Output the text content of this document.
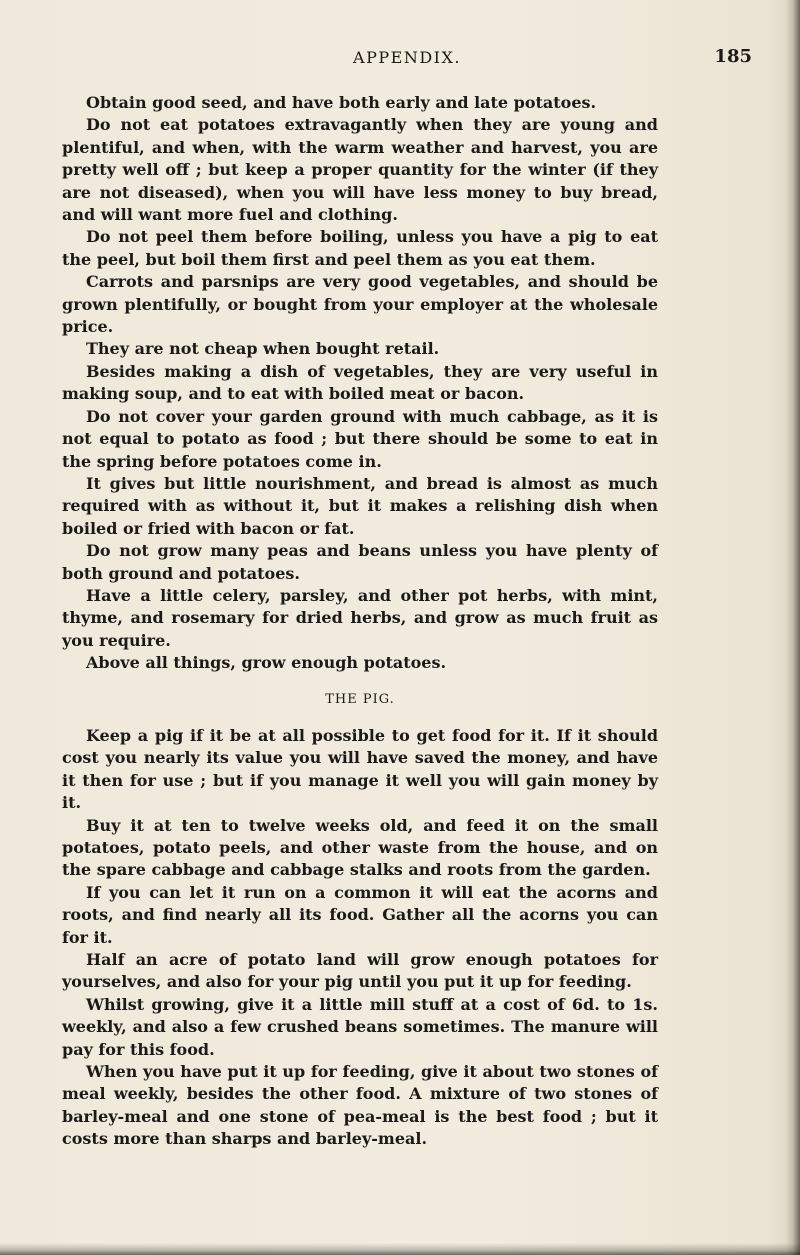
APPENDIX.	185

Obtain good seed, and have both early and late potatoes.

Do not eat potatoes extravagantly when they are young and plentiful, and when, with the warm weather and harvest, you are pretty well off ; but keep a proper quantity for the winter (if they are not diseased), when you will have less money to buy bread, and will want more fuel and clothing.

Do not peel them before boiling, unless you have a pig to eat the peel, but boil them first and peel them as you eat them.

Carrots and parsnips are very good vegetables, and should be grown plentifully, or bought from your employer at the wholesale price.

They are not cheap when bought retail.

Besides making a dish of vegetables, they are very useful in making soup, and to eat with boiled meat or bacon.

Do not cover your garden ground with much cabbage, as it is not equal to potato as food ; but there should be some to eat in the spring before potatoes come in.

It gives but little nourishment, and bread is almost as much required with as without it, but it makes a relishing dish when boiled or fried with bacon or fat.

Do not grow many peas and beans unless you have plenty of both ground and potatoes.

Have a little celery, parsley, and other pot herbs, with mint, thyme, and rosemary for dried herbs, and grow as much fruit as you require.

Above all things, grow enough potatoes.

THE PIG.

Keep a pig if it be at all possible to get food for it. If it should cost you nearly its value you will have saved the money, and have it then for use ; but if you manage it well you will gain money by it.

Buy it at ten to twelve weeks old, and feed it on the small potatoes, potato peels, and other waste from the house, and on the spare cabbage and cabbage stalks and roots from the garden.

If you can let it run on a common it will eat the acorns and roots, and find nearly all its food. Gather all the acorns you can for it.

Half an acre of potato land will grow enough potatoes for yourselves, and also for your pig until you put it up for feeding.

Whilst growing, give it a little mill stuff at a cost of 6d. to 1s. weekly, and also a few crushed beans sometimes. The manure will pay for this food.

When you have put it up for feeding, give it about two stones of meal weekly, besides the other food. A mixture of two stones of barley-meal and one stone of pea-meal is the best food ; but it costs more than sharps and barley-meal.
